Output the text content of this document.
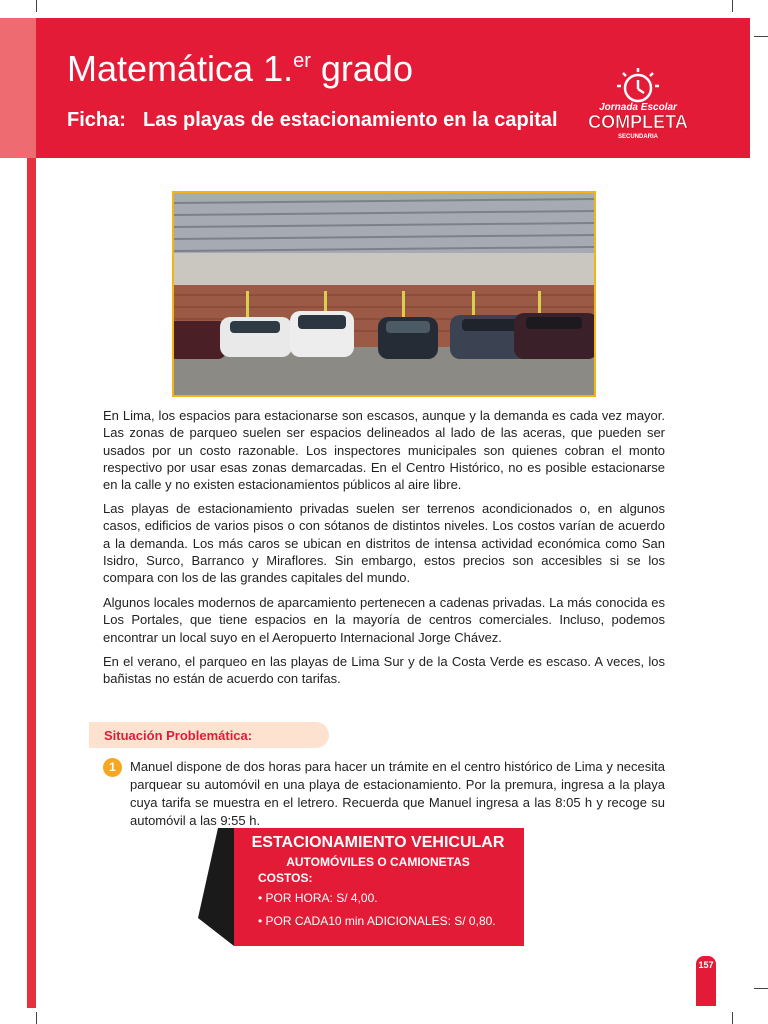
Matemática 1.$^{er}$ grado
Ficha: Las playas de estacionamiento en la capital
Jornada Escolar
COMPLETA
SECUNDARIA

En Lima, los espacios para estacionarse son escasos, aunque y la demanda es cada vez mayor. Las zonas de parqueo suelen ser espacios delineados al lado de las aceras, que pueden ser usados por un costo razonable. Los inspectores municipales son quienes cobran el monto respectivo por usar esas zonas demarcadas. En el Centro Histórico, no es posible estacionarse en la calle y no existen estacionamientos públicos al aire libre.

Las playas de estacionamiento privadas suelen ser terrenos acondicionados o, en algunos casos, edificios de varios pisos o con sótanos de distintos niveles. Los costos varían de acuerdo a la demanda. Los más caros se ubican en distritos de intensa actividad económica como San Isidro, Surco, Barranco y Miraflores. Sin embargo, estos precios son accesibles si se los compara con los de las grandes capitales del mundo.

Algunos locales modernos de aparcamiento pertenecen a cadenas privadas. La más conocida es Los Portales, que tiene espacios en la mayoría de centros comerciales. Incluso, podemos encontrar un local suyo en el Aeropuerto Internacional Jorge Chávez.

En el verano, el parqueo en las playas de Lima Sur y de la Costa Verde es escaso. A veces, los bañistas no están de acuerdo con tarifas.

Situación Problemática:
1	Manuel dispone de dos horas para hacer un trámite en el centro histórico de Lima y necesita parquear su automóvil en una playa de estacionamiento. Por la premura, ingresa a la playa cuya tarifa se muestra en el letrero. Recuerda que Manuel ingresa a las 8:05 h y recoge su automóvil a las 9:55 h.

ESTACIONAMIENTO VEHICULAR
AUTOMÓVILES O CAMIONETAS
COSTOS:
• POR HORA: S/ 4,00.
• POR CADA10 min ADICIONALES: S/ 0,80.
157
